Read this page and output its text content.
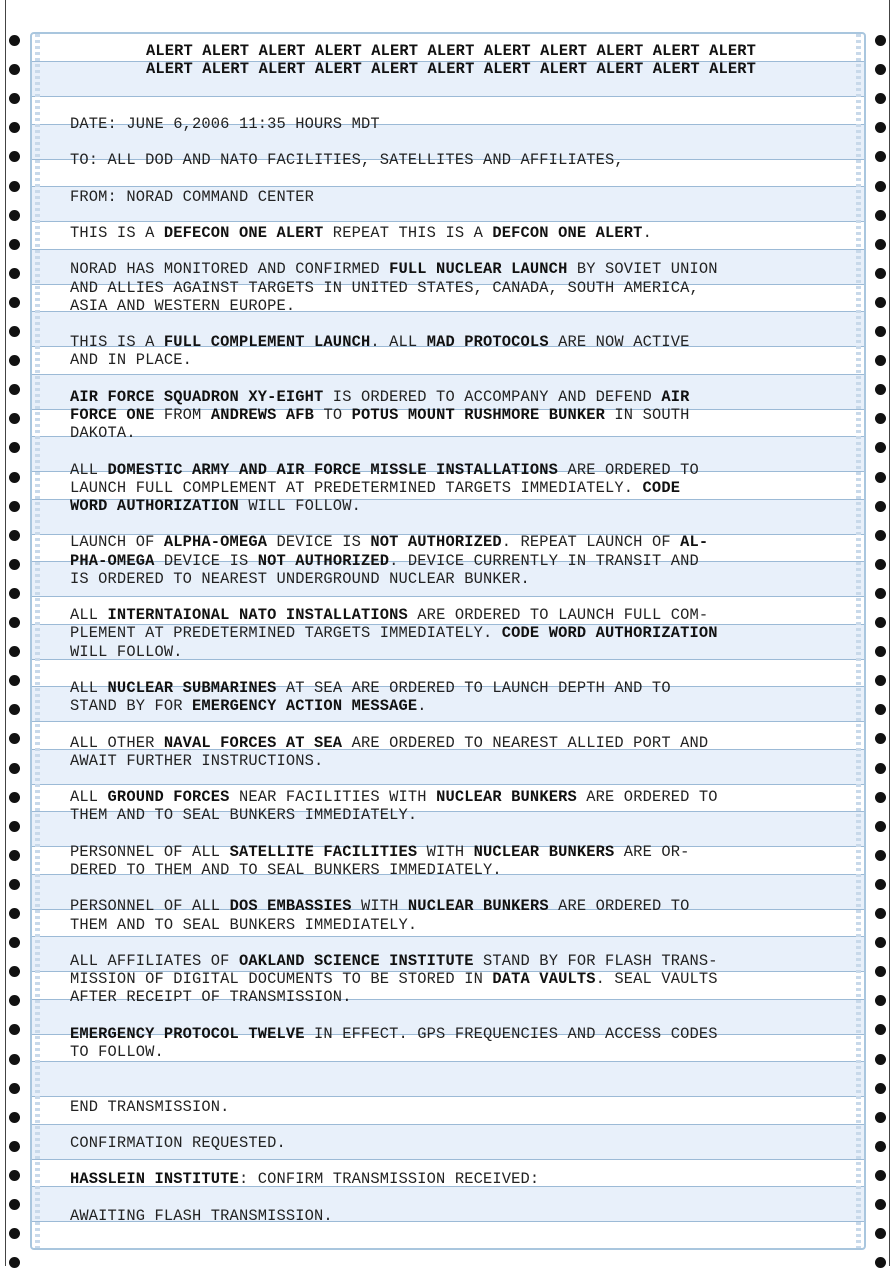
ALERT ALERT ALERT ALERT ALERT ALERT ALERT ALERT ALERT ALERT ALERT
ALERT ALERT ALERT ALERT ALERT ALERT ALERT ALERT ALERT ALERT ALERT
DATE: JUNE 6,2006 11:35 HOURS MDT
TO: ALL DOD AND NATO FACILITIES, SATELLITES AND AFFILIATES,
FROM: NORAD COMMAND CENTER
THIS IS A DEFECON ONE ALERT REPEAT THIS IS A DEFCON ONE ALERT.
NORAD HAS MONITORED AND CONFIRMED FULL NUCLEAR LAUNCH BY SOVIET UNION
AND ALLIES AGAINST TARGETS IN UNITED STATES, CANADA, SOUTH AMERICA,
ASIA AND WESTERN EUROPE.
THIS IS A FULL COMPLEMENT LAUNCH. ALL MAD PROTOCOLS ARE NOW ACTIVE
AND IN PLACE.
AIR FORCE SQUADRON XY-EIGHT IS ORDERED TO ACCOMPANY AND DEFEND AIR
FORCE ONE FROM ANDREWS AFB TO POTUS MOUNT RUSHMORE BUNKER IN SOUTH
DAKOTA.
ALL DOMESTIC ARMY AND AIR FORCE MISSLE INSTALLATIONS ARE ORDERED TO
LAUNCH FULL COMPLEMENT AT PREDETERMINED TARGETS IMMEDIATELY. CODE
WORD AUTHORIZATION WILL FOLLOW.
LAUNCH OF ALPHA-OMEGA DEVICE IS NOT AUTHORIZED. REPEAT LAUNCH OF AL-
PHA-OMEGA DEVICE IS NOT AUTHORIZED. DEVICE CURRENTLY IN TRANSIT AND
IS ORDERED TO NEAREST UNDERGROUND NUCLEAR BUNKER.
ALL INTERNTAIONAL NATO INSTALLATIONS ARE ORDERED TO LAUNCH FULL COM-
PLEMENT AT PREDETERMINED TARGETS IMMEDIATELY. CODE WORD AUTHORIZATION
WILL FOLLOW.
ALL NUCLEAR SUBMARINES AT SEA ARE ORDERED TO LAUNCH DEPTH AND TO
STAND BY FOR EMERGENCY ACTION MESSAGE.
ALL OTHER NAVAL FORCES AT SEA ARE ORDERED TO NEAREST ALLIED PORT AND
AWAIT FURTHER INSTRUCTIONS.
ALL GROUND FORCES NEAR FACILITIES WITH NUCLEAR BUNKERS ARE ORDERED TO
THEM AND TO SEAL BUNKERS IMMEDIATELY.
PERSONNEL OF ALL SATELLITE FACILITIES WITH NUCLEAR BUNKERS ARE OR-
DERED TO THEM AND TO SEAL BUNKERS IMMEDIATELY.
PERSONNEL OF ALL DOS EMBASSIES WITH NUCLEAR BUNKERS ARE ORDERED TO
THEM AND TO SEAL BUNKERS IMMEDIATELY.
ALL AFFILIATES OF OAKLAND SCIENCE INSTITUTE STAND BY FOR FLASH TRANS-
MISSION OF DIGITAL DOCUMENTS TO BE STORED IN DATA VAULTS. SEAL VAULTS
AFTER RECEIPT OF TRANSMISSION.
EMERGENCY PROTOCOL TWELVE IN EFFECT. GPS FREQUENCIES AND ACCESS CODES
TO FOLLOW.
END TRANSMISSION.
CONFIRMATION REQUESTED.
HASSLEIN INSTITUTE: CONFIRM TRANSMISSION RECEIVED:
AWAITING FLASH TRANSMISSION.
